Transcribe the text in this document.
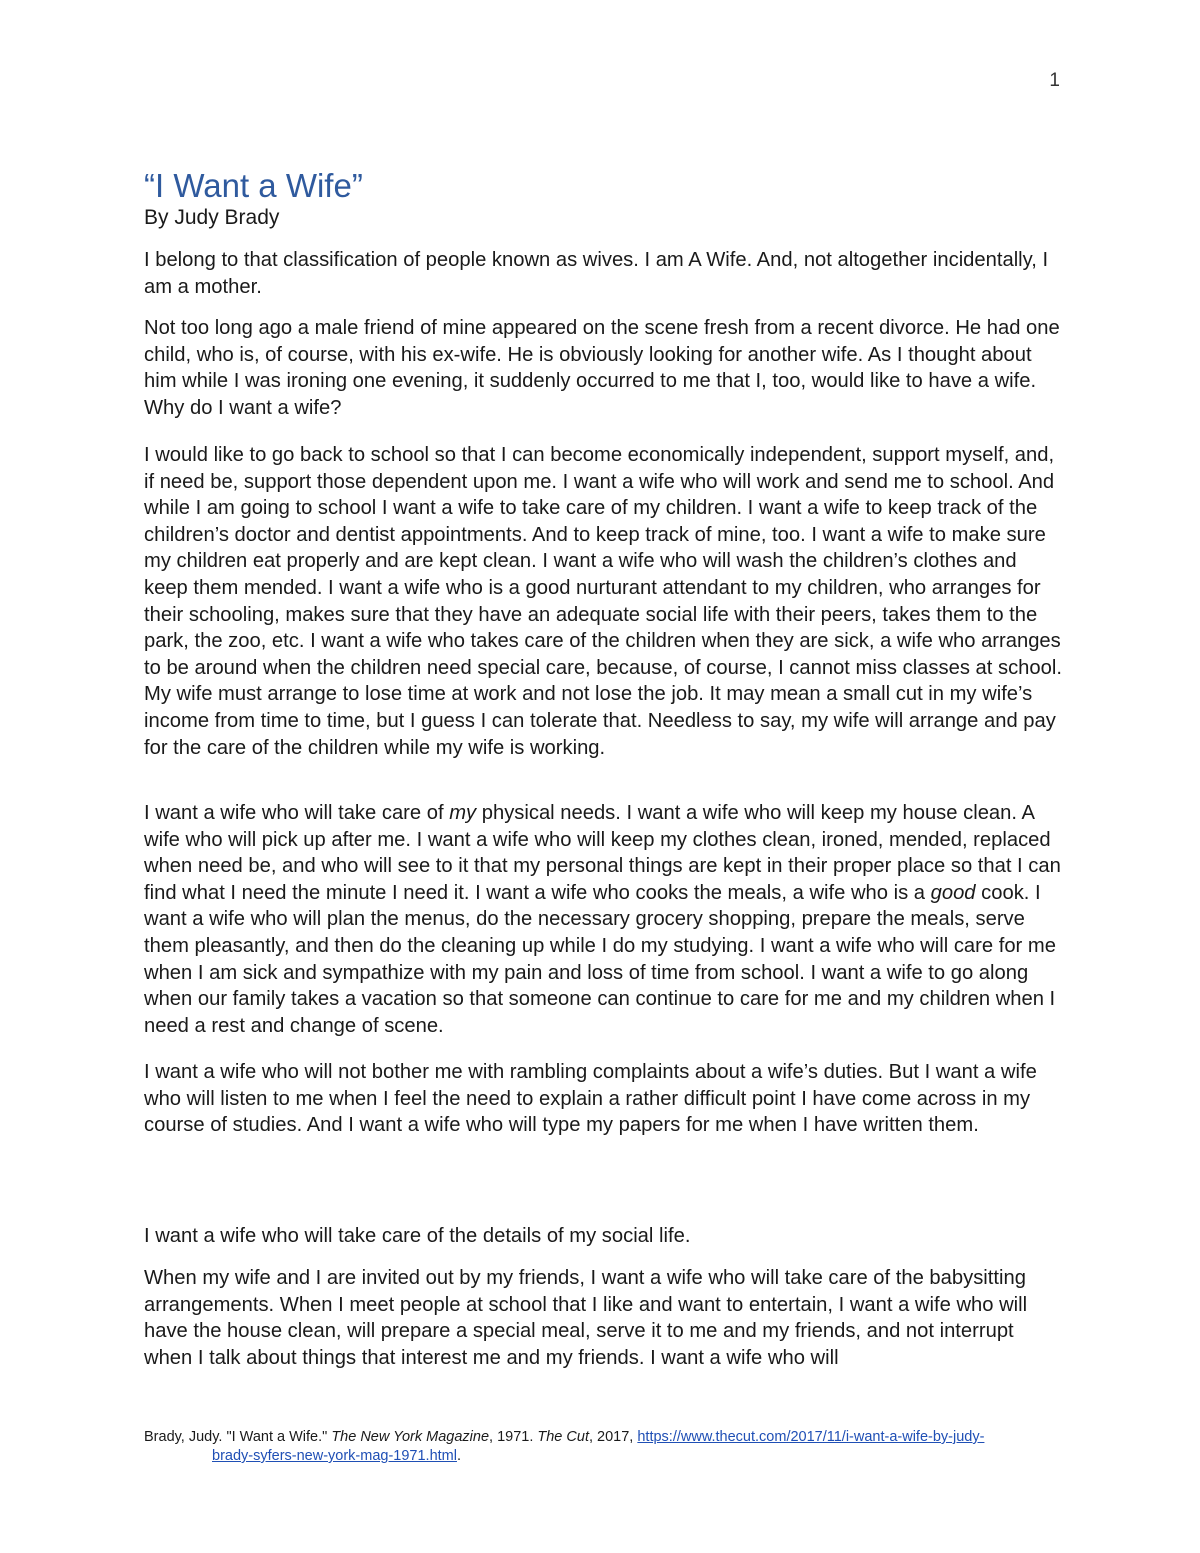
1
“I Want a Wife”

By Judy Brady

I belong to that classification of people known as wives. I am A Wife. And, not altogether incidentally, I am a mother.

Not too long ago a male friend of mine appeared on the scene fresh from a recent divorce. He had one child, who is, of course, with his ex-wife. He is obviously looking for another wife. As I thought about him while I was ironing one evening, it suddenly occurred to me that I, too, would like to have a wife. Why do I want a wife?

I would like to go back to school so that I can become economically independent, support myself, and, if need be, support those dependent upon me. I want a wife who will work and send me to school. And while I am going to school I want a wife to take care of my children. I want a wife to keep track of the children’s doctor and dentist appointments. And to keep track of mine, too. I want a wife to make sure my children eat properly and are kept clean. I want a wife who will wash the children’s clothes and keep them mended. I want a wife who is a good nurturant attendant to my children, who arranges for their schooling, makes sure that they have an adequate social life with their peers, takes them to the park, the zoo, etc. I want a wife who takes care of the children when they are sick, a wife who arranges to be around when the children need special care, because, of course, I cannot miss classes at school. My wife must arrange to lose time at work and not lose the job. It may mean a small cut in my wife’s income from time to time, but I guess I can tolerate that. Needless to say, my wife will arrange and pay for the care of the children while my wife is working.

I want a wife who will take care of my physical needs. I want a wife who will keep my house clean. A wife who will pick up after me. I want a wife who will keep my clothes clean, ironed, mended, replaced when need be, and who will see to it that my personal things are kept in their proper place so that I can find what I need the minute I need it. I want a wife who cooks the meals, a wife who is a good cook. I want a wife who will plan the menus, do the necessary grocery shopping, prepare the meals, serve them pleasantly, and then do the cleaning up while I do my studying. I want a wife who will care for me when I am sick and sympathize with my pain and loss of time from school. I want a wife to go along when our family takes a vacation so that someone can continue to care for me and my children when I need a rest and change of scene.

I want a wife who will not bother me with rambling complaints about a wife’s duties. But I want a wife who will listen to me when I feel the need to explain a rather difficult point I have come across in my course of studies. And I want a wife who will type my papers for me when I have written them.

I want a wife who will take care of the details of my social life.

When my wife and I are invited out by my friends, I want a wife who will take care of the babysitting arrangements. When I meet people at school that I like and want to entertain, I want a wife who will have the house clean, will prepare a special meal, serve it to me and my friends, and not interrupt when I talk about things that interest me and my friends. I want a wife who will

Brady, Judy. "I Want a Wife." The New York Magazine, 1971. The Cut, 2017, https://www.thecut.com/2017/11/i-want-a-wife-by-judy-
brady-syfers-new-york-mag-1971.html.
